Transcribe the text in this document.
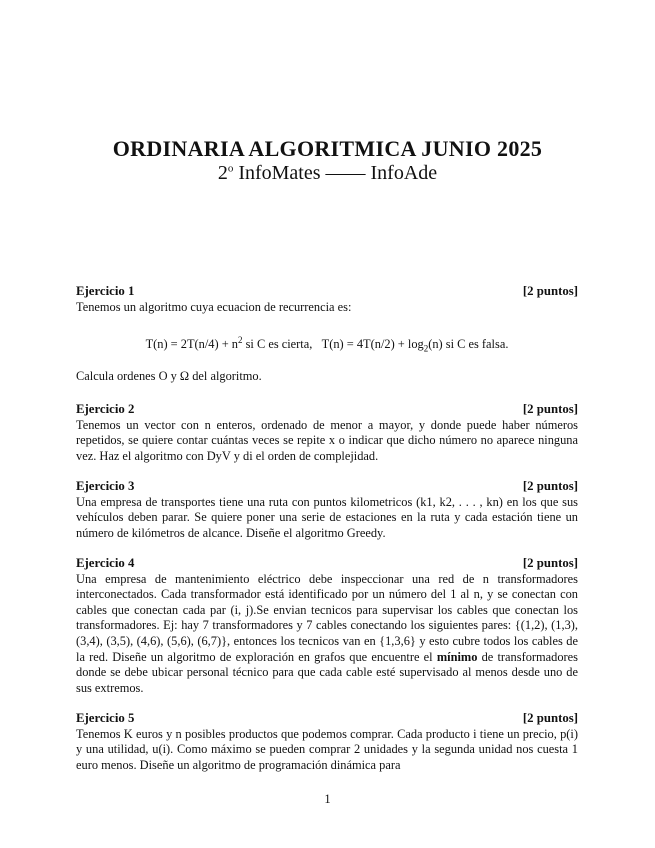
ORDINARIA ALGORITMICA JUNIO 2025
2$^o$ InfoMates —— InfoAde
Ejercicio 1	[2 puntos]
Tenemos un algoritmo cuya ecuacion de recurrencia es:
$T(n) = 2T(n/4) + n^2$ si C es cierta, $T(n) = 4T(n/2) + \log_2(n)$ si C es falsa.
Calcula ordenes O y Ω del algoritmo.
Ejercicio 2	[2 puntos]
Tenemos un vector con n enteros, ordenado de menor a mayor, y donde puede haber números repetidos, se quiere contar cuántas veces se repite x o indicar que dicho número no aparece ninguna vez. Haz el algoritmo con DyV y di el orden de complejidad.
Ejercicio 3	[2 puntos]
Una empresa de transportes tiene una ruta con puntos kilometricos (k1, k2, . . . , kn) en los que sus vehículos deben parar. Se quiere poner una serie de estaciones en la ruta y cada estación tiene un número de kilómetros de alcance. Diseñe el algoritmo Greedy.
Ejercicio 4	[2 puntos]
Una empresa de mantenimiento eléctrico debe inspeccionar una red de n transformadores interconectados. Cada transformador está identificado por un número del 1 al n, y se conectan con cables que conectan cada par (i, j).Se envian tecnicos para supervisar los cables que conectan los transformadores. Ej: hay 7 transformadores y 7 cables conectando los siguientes pares: {(1,2), (1,3), (3,4), (3,5), (4,6), (5,6), (6,7)}, entonces los tecnicos van en {1,3,6} y esto cubre todos los cables de la red. Diseñe un algoritmo de exploración en grafos que encuentre el mínimo de transformadores donde se debe ubicar personal técnico para que cada cable esté supervisado al menos desde uno de sus extremos.
Ejercicio 5	[2 puntos]
Tenemos K euros y n posibles productos que podemos comprar. Cada producto i tiene un precio, p(i) y una utilidad, u(i). Como máximo se pueden comprar 2 unidades y la segunda unidad nos cuesta 1 euro menos. Diseñe un algoritmo de programación dinámica para
1
